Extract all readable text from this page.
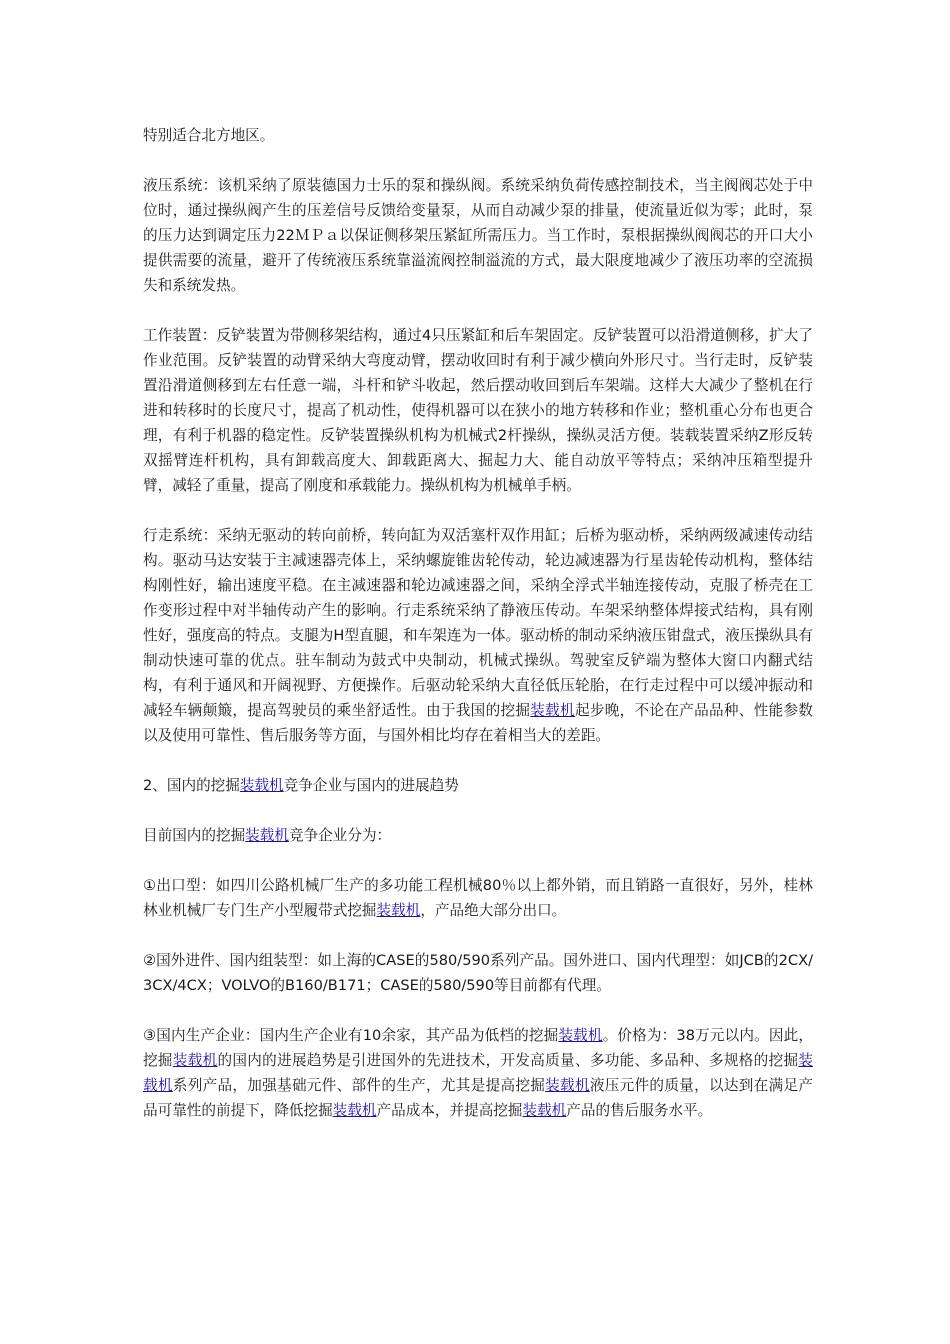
特别适合北方地区。

液压系统：该机采纳了原装德国力士乐的泵和操纵阀。系统采纳负荷传感控制技术，当主阀阀芯处于中位时，通过操纵阀产生的压差信号反馈给变量泵，从而自动减少泵的排量，使流量近似为零；此时，泵的压力达到调定压力22ＭＰａ以保证侧移架压紧缸所需压力。当工作时，泵根据操纵阀阀芯的开口大小提供需要的流量，避开了传统液压系统靠溢流阀控制溢流的方式，最大限度地减少了液压功率的空流损失和系统发热。

工作装置：反铲装置为带侧移架结构，通过4只压紧缸和后车架固定。反铲装置可以沿滑道侧移，扩大了作业范围。反铲装置的动臂采纳大弯度动臂，摆动收回时有利于减少横向外形尺寸。当行走时，反铲装置沿滑道侧移到左右任意一端，斗杆和铲斗收起，然后摆动收回到后车架端。这样大大减少了整机在行进和转移时的长度尺寸，提高了机动性，使得机器可以在狭小的地方转移和作业；整机重心分布也更合理，有利于机器的稳定性。反铲装置操纵机构为机械式2杆操纵，操纵灵活方便。装载装置采纳Z形反转双摇臂连杆机构，具有卸载高度大、卸载距离大、掘起力大、能自动放平等特点；采纳冲压箱型提升臂，减轻了重量，提高了刚度和承载能力。操纵机构为机械单手柄。

行走系统：采纳无驱动的转向前桥，转向缸为双活塞杆双作用缸；后桥为驱动桥，采纳两级减速传动结构。驱动马达安装于主减速器壳体上，采纳螺旋锥齿轮传动，轮边减速器为行星齿轮传动机构，整体结构刚性好，输出速度平稳。在主减速器和轮边减速器之间，采纳全浮式半轴连接传动，克服了桥壳在工作变形过程中对半轴传动产生的影响。行走系统采纳了静液压传动。车架采纳整体焊接式结构，具有刚性好，强度高的特点。支腿为H型直腿，和车架连为一体。驱动桥的制动采纳液压钳盘式，液压操纵具有制动快速可靠的优点。驻车制动为鼓式中央制动，机械式操纵。驾驶室反铲端为整体大窗口内翻式结构，有利于通风和开阔视野、方便操作。后驱动轮采纳大直径低压轮胎，在行走过程中可以缓冲振动和减轻车辆颠簸，提高驾驶员的乘坐舒适性。由于我国的挖掘装载机起步晚，不论在产品品种、性能参数以及使用可靠性、售后服务等方面，与国外相比均存在着相当大的差距。

2、国内的挖掘装载机竞争企业与国内的进展趋势

目前国内的挖掘装载机竞争企业分为：

①出口型：如四川公路机械厂生产的多功能工程机械80％以上都外销，而且销路一直很好，另外，桂林林业机械厂专门生产小型履带式挖掘装载机，产品绝大部分出口。

②国外进件、国内组装型：如上海的CASE的580/590系列产品。国外进口、国内代理型：如JCB的2CX/3CX/4CX；VOLVO的B160/B171；CASE的580/590等目前都有代理。

③国内生产企业：国内生产企业有10余家，其产品为低档的挖掘装载机。价格为：38万元以内。因此，挖掘装载机的国内的进展趋势是引进国外的先进技术，开发高质量、多功能、多品种、多规格的挖掘装载机系列产品，加强基础元件、部件的生产，尤其是提高挖掘装载机液压元件的质量，以达到在满足产品可靠性的前提下，降低挖掘装载机产品成本，并提高挖掘装载机产品的售后服务水平。
